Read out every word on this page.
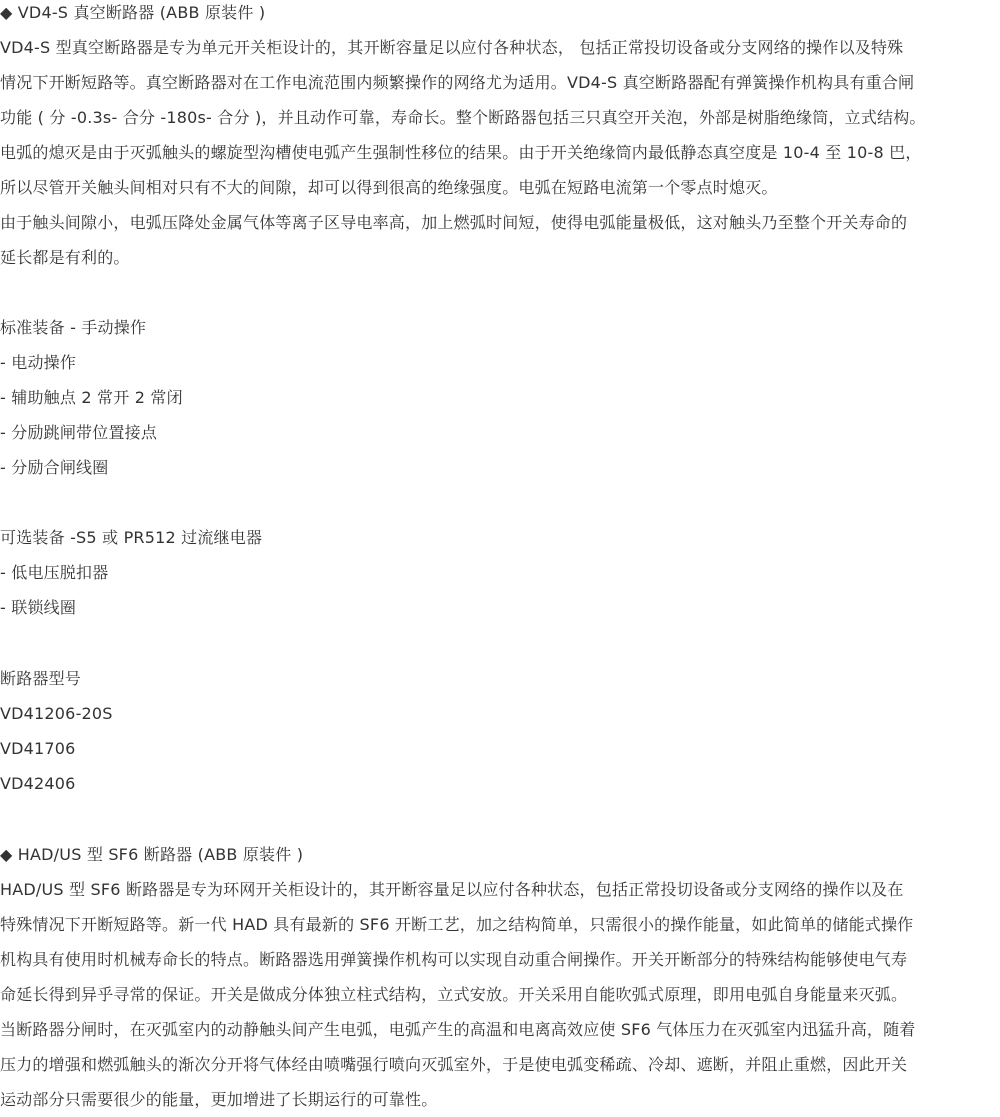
◆ VD4-S 真空断路器 (ABB 原装件 )
VD4-S 型真空断路器是专为单元开关柜设计的，其开断容量足以应付各种状态， 包括正常投切设备或分支网络的操作以及特殊
情况下开断短路等。真空断路器对在工作电流范围内频繁操作的网络尤为适用。VD4-S 真空断路器配有弹簧操作机构具有重合闸
功能 ( 分 -0.3s- 合分 -180s- 合分 )，并且动作可靠，寿命长。整个断路器包括三只真空开关泡，外部是树脂绝缘筒，立式结构。
电弧的熄灭是由于灭弧触头的螺旋型沟槽使电弧产生强制性移位的结果。由于开关绝缘筒内最低静态真空度是 10-4 至 10-8 巴，
所以尽管开关触头间相对只有不大的间隙，却可以得到很高的绝缘强度。电弧在短路电流第一个零点时熄灭。
由于触头间隙小，电弧压降处金属气体等离子区导电率高，加上燃弧时间短，使得电弧能量极低，这对触头乃至整个开关寿命的
延长都是有利的。
标准装备 - 手动操作
- 电动操作
- 辅助触点 2 常开 2 常闭
- 分励跳闸带位置接点
- 分励合闸线圈
可选装备 -S5 或 PR512 过流继电器
- 低电压脱扣器
- 联锁线圈
断路器型号
VD41206-20S
VD41706
VD42406
◆ HAD/US 型 SF6 断路器 (ABB 原装件 )
HAD/US 型 SF6 断路器是专为环网开关柜设计的，其开断容量足以应付各种状态，包括正常投切设备或分支网络的操作以及在
特殊情况下开断短路等。新一代 HAD 具有最新的 SF6 开断工艺，加之结构简单，只需很小的操作能量，如此简单的储能式操作
机构具有使用时机械寿命长的特点。断路器选用弹簧操作机构可以实现自动重合闸操作。开关开断部分的特殊结构能够使电气寿
命延长得到异乎寻常的保证。开关是做成分体独立柱式结构，立式安放。开关采用自能吹弧式原理，即用电弧自身能量来灭弧。
当断路器分闸时，在灭弧室内的动静触头间产生电弧，电弧产生的高温和电离高效应使 SF6 气体压力在灭弧室内迅猛升高，随着
压力的增强和燃弧触头的渐次分开将气体经由喷嘴强行喷向灭弧室外，于是使电弧变稀疏、冷却、遮断，并阻止重燃，因此开关
运动部分只需要很少的能量，更加增进了长期运行的可靠性。
